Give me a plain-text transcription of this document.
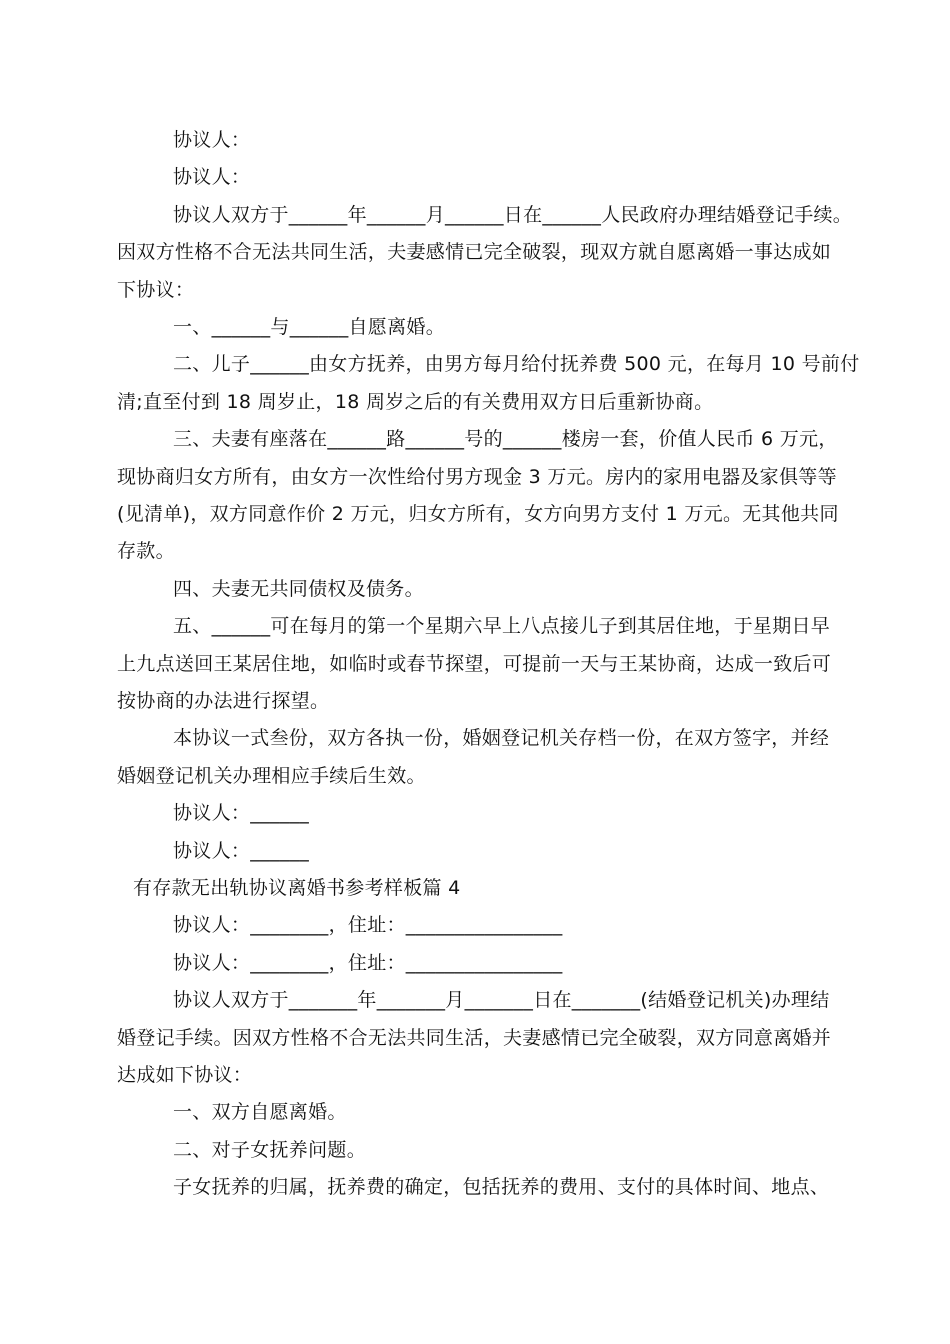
协议人：
协议人：
协议人双方于______年______月______日在______人民政府办理结婚登记手续。
因双方性格不合无法共同生活，夫妻感情已完全破裂，现双方就自愿离婚一事达成如
下协议：
一、______与______自愿离婚。
二、儿子______由女方抚养，由男方每月给付抚养费 500 元，在每月 10 号前付
清;直至付到 18 周岁止，18 周岁之后的有关费用双方日后重新协商。
三、夫妻有座落在______路______号的______楼房一套，价值人民币 6 万元，
现协商归女方所有，由女方一次性给付男方现金 3 万元。房内的家用电器及家俱等等
(见清单)，双方同意作价 2 万元，归女方所有，女方向男方支付 1 万元。无其他共同
存款。
四、夫妻无共同债权及债务。
五、______可在每月的第一个星期六早上八点接儿子到其居住地，于星期日早
上九点送回王某居住地，如临时或春节探望，可提前一天与王某协商，达成一致后可
按协商的办法进行探望。
本协议一式叁份，双方各执一份，婚姻登记机关存档一份，在双方签字，并经
婚姻登记机关办理相应手续后生效。
协议人：______
协议人：______
有存款无出轨协议离婚书参考样板篇 4
协议人：________，住址：________________
协议人：________，住址：________________
协议人双方于_______年_______月_______日在_______(结婚登记机关)办理结
婚登记手续。因双方性格不合无法共同生活，夫妻感情已完全破裂，双方同意离婚并
达成如下协议：
一、双方自愿离婚。
二、对子女抚养问题。
子女抚养的归属，抚养费的确定，包括抚养的费用、支付的具体时间、地点、
